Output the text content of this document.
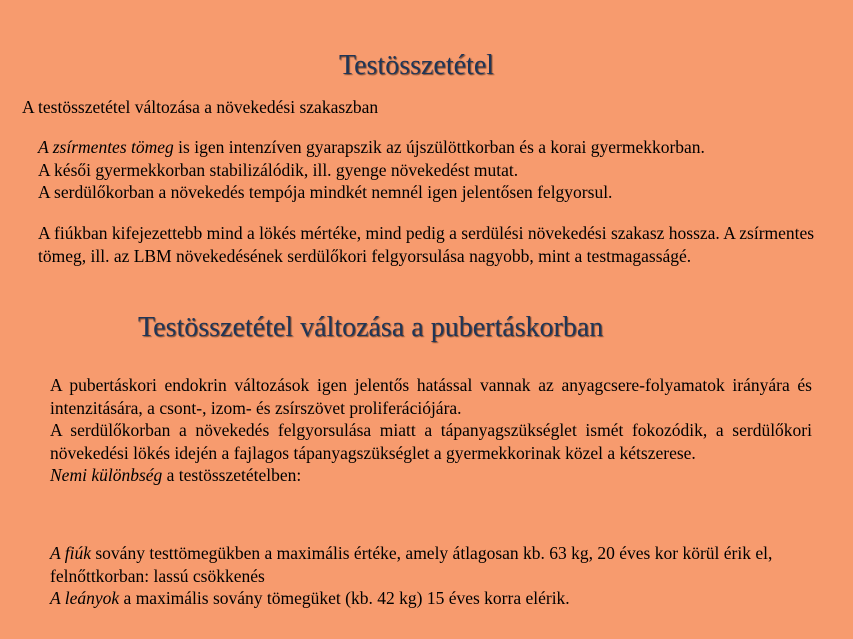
Testösszetétel
A testösszetétel változása a növekedési szakaszban

A zsírmentes tömeg is igen intenzíven gyarapszik az újszülöttkorban és a korai gyermekkorban.

A késői gyermekkorban stabilizálódik, ill. gyenge növekedést mutat.

A serdülőkorban a növekedés tempója mindkét nemnél igen jelentősen felgyorsul.

A fiúkban kifejezettebb mind a lökés mértéke, mind pedig a serdülési növekedési szakasz hossza. A zsírmentes tömeg, ill. az LBM növekedésének serdülőkori felgyorsulása nagyobb, mint a testmagasságé.

Testösszetétel változása a pubertáskorban

A pubertáskori endokrin változások igen jelentős hatással vannak az anyagcsere-folyamatok irányára és intenzitására, a csont-, izom- és zsírszövet proliferációjára.

A serdülőkorban a növekedés felgyorsulása miatt a tápanyagszükséglet ismét fokozódik, a serdülőkori növekedési lökés idején a fajlagos tápanyagszükséglet a gyermekkorinak közel a kétszerese.

Nemi különbség a testösszetételben:

A fiúk sovány testtömegükben a maximális értéke, amely átlagosan kb. 63 kg, 20 éves kor körül érik el, felnőttkorban: lassú csökkenés

A leányok a maximális sovány tömegüket (kb. 42 kg) 15 éves korra elérik.
